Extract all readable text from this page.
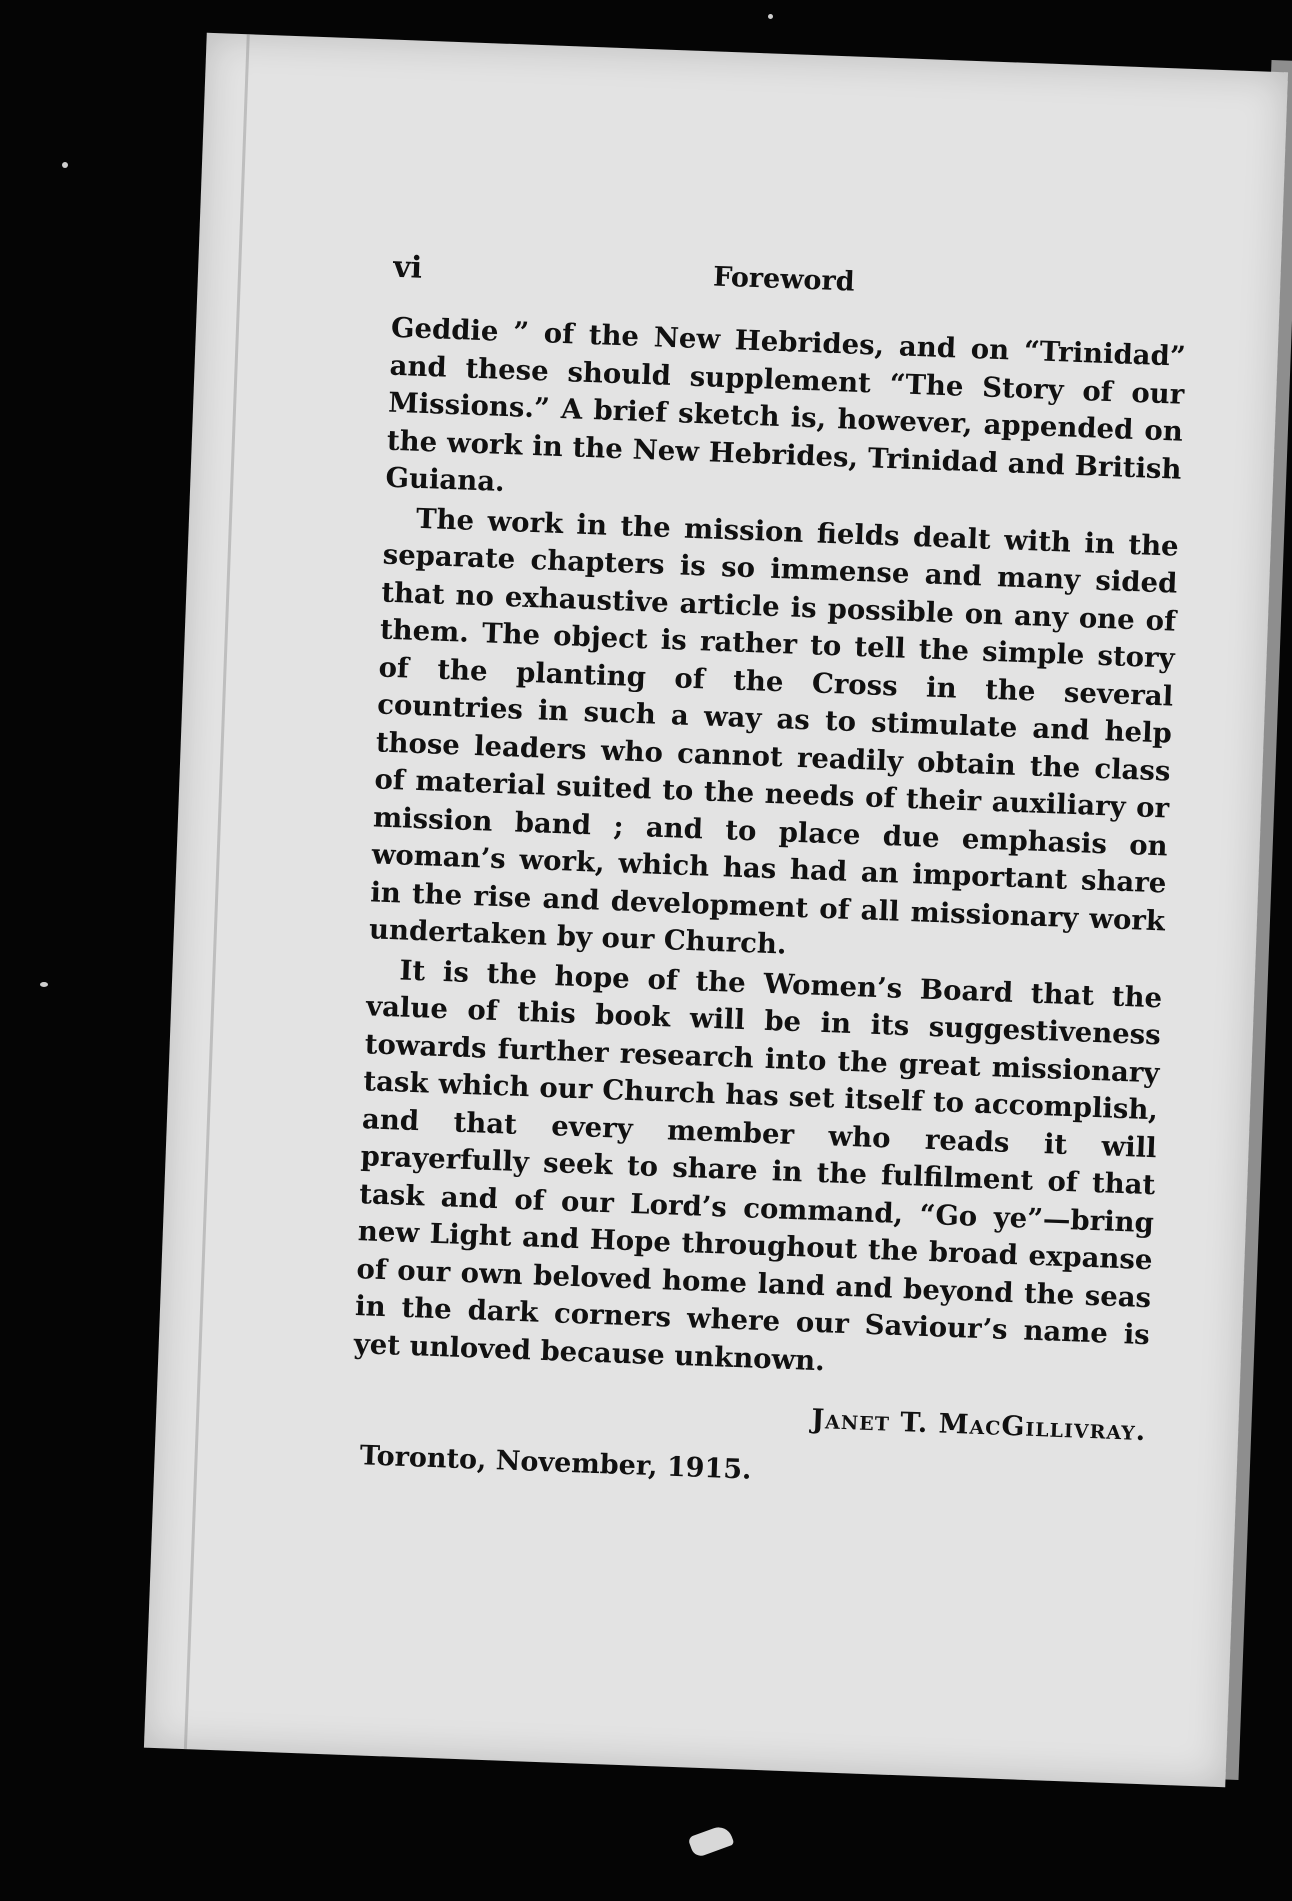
vi	Foreword

Geddie ” of the New Hebrides, and on “Trinidad” and these should supplement “The Story of our Missions.” A brief sketch is, however, appended on the work in the New Hebrides, Trinidad and British Guiana.

The work in the mission fields dealt with in the separate chapters is so immense and many sided that no exhaustive article is possible on any one of them. The object is rather to tell the simple story of the planting of the Cross in the several countries in such a way as to stimulate and help those leaders who cannot readily obtain the class of material suited to the needs of their auxiliary or mission band ; and to place due emphasis on woman’s work, which has had an important share in the rise and development of all missionary work undertaken by our Church.

It is the hope of the Women’s Board that the value of this book will be in its suggestiveness towards further research into the great missionary task which our Church has set itself to accomplish, and that every member who reads it will prayerfully seek to share in the fulfilment of that task and of our Lord’s command, “Go ye”—bring new Light and Hope throughout the broad expanse of our own beloved home land and beyond the seas in the dark corners where our Saviour’s name is yet unloved because unknown.

Janet T. MacGillivray.
Toronto, November, 1915.
